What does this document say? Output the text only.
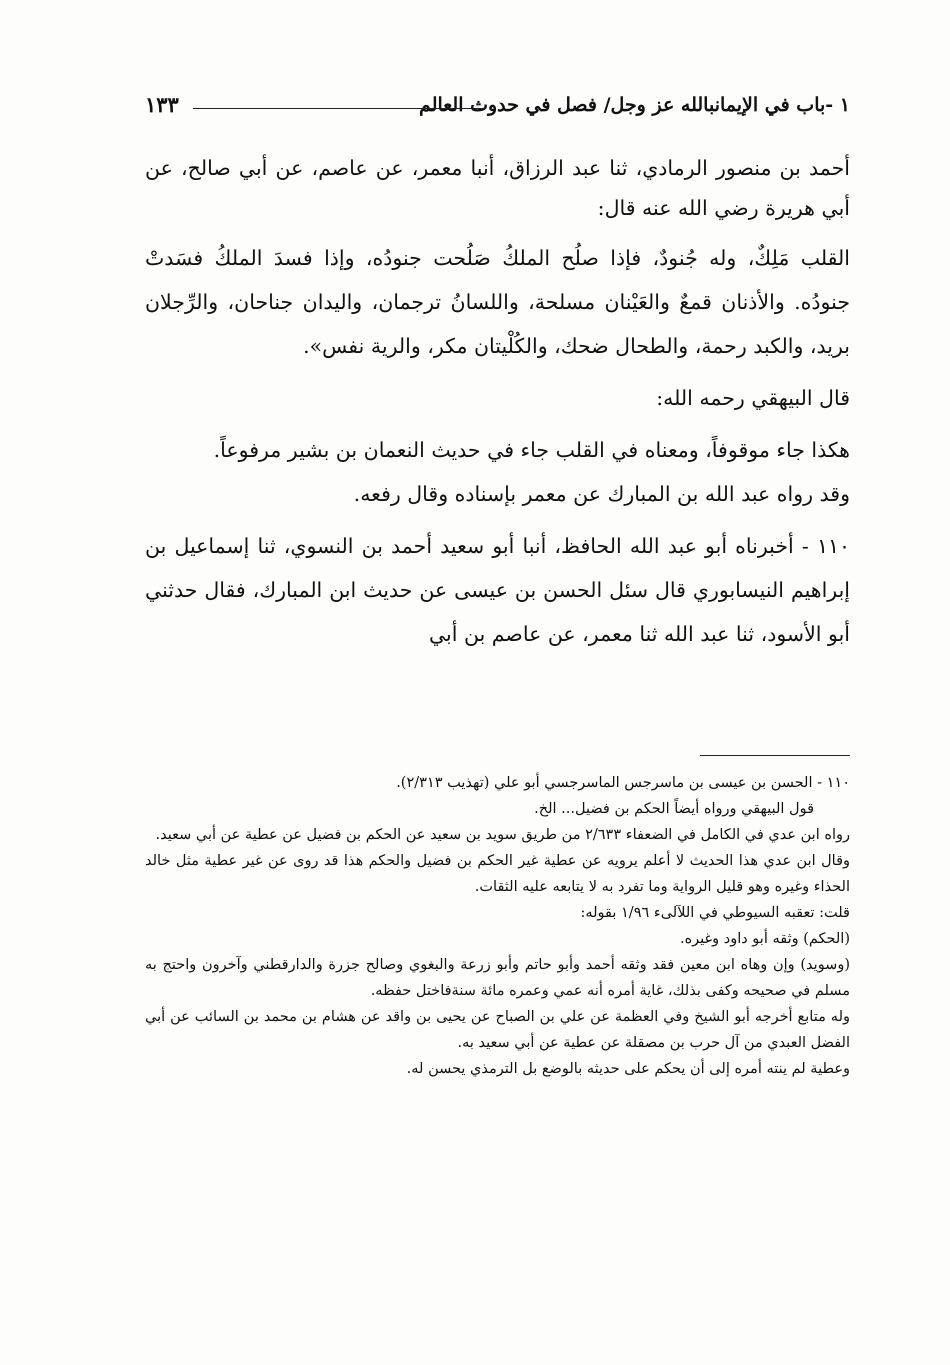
١ -باب في الإيمانبالله عز وجل/ فصل في حدوث العالم
١٣٣

أحمد بن منصور الرمادي، ثنا عبد الرزاق، أنبا معمر، عن عاصم، عن أبي صالح، عن أبي هريرة رضي الله عنه قال:

القلب مَلِكٌ، وله جُنودٌ، فإذا صلُح الملكُ صَلُحت جنودُه، وإذا فسدَ الملكُ فسَدتْ جنودُه. والأذنان قمعٌ والعَيْنان مسلحة، واللسانُ ترجمان، واليدان جناحان، والرِّجلان بريد، والكبد رحمة، والطحال ضحك، والكُلْيتان مكر، والرية نفس».

قال البيهقي رحمه الله:

هكذا جاء موقوفاً، ومعناه في القلب جاء في حديث النعمان بن بشير مرفوعاً.

وقد رواه عبد الله بن المبارك عن معمر بإسناده وقال رفعه.

١١٠ - أخبرناه أبو عبد الله الحافظ، أنبا أبو سعيد أحمد بن النسوي، ثنا إسماعيل بن إبراهيم النيسابوري قال سئل الحسن بن عيسى عن حديث ابن المبارك، فقال حدثني أبو الأسود، ثنا عبد الله ثنا معمر، عن عاصم بن أبي

١١٠ - الحسن بن عيسى بن ماسرجس الماسرجسي أبو علي (تهذيب ٢/٣١٣).

قول البيهقي ورواه أيضاً الحكم بن فضيل... الخ.

رواه ابن عدي في الكامل في الضعفاء ٢/٦٣٣ من طريق سويد بن سعيد عن الحكم بن فضيل عن عطية عن أبي سعيد.

وقال ابن عدي هذا الحديث لا أعلم يرويه عن عطية غير الحكم بن فضيل والحكم هذا قد روى عن غير عطية مثل خالد الحذاء وغيره وهو قليل الرواية وما تفرد به لا يتابعه عليه الثقات.

قلت: تعقبه السيوطي في اللآلىء ١/٩٦ بقوله:

(الحكم) وثقه أبو داود وغيره.

(وسويد) وإن وهاه ابن معين فقد وثقه أحمد وأبو حاتم وأبو زرعة والبغوي وصالح جزرة والدارقطني وآخرون واحتج به مسلم في صحيحه وكفى بذلك، غاية أمره أنه عمي وعمره مائة سنةفاختل حفظه.

وله متابع أخرجه أبو الشيخ وفي العظمة عن علي بن الصباح عن يحيى بن واقد عن هشام بن محمد بن السائب عن أبي الفضل العبدي من آل حرب بن مصقلة عن عطية عن أبي سعيد به.

وعطية لم ينته أمره إلى أن يحكم على حديثه بالوضع بل الترمذي يحسن له.
